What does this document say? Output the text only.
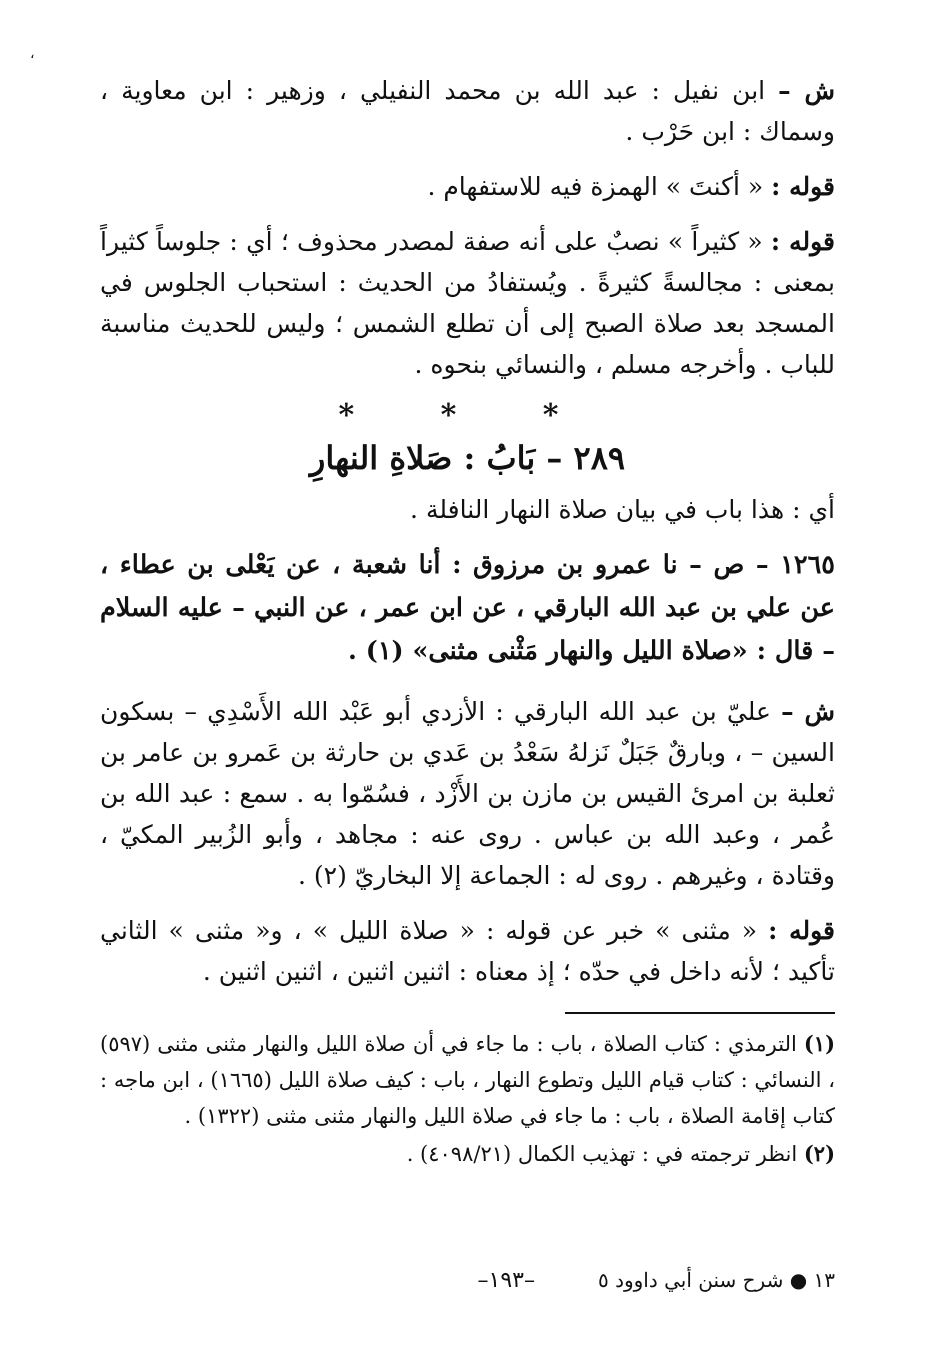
،

ش – ابن نفيل : عبد الله بن محمد النفيلي ، وزهير : ابن معاوية ، وسماك : ابن حَرْب .

قوله : « أكنتَ » الهمزة فيه للاستفهام .

قوله : « كثيراً » نصبٌ على أنه صفة لمصدر محذوف ؛ أي : جلوساً كثيراً بمعنى : مجالسةً كثيرةً . ويُستفادُ من الحديث : استحباب الجلوس في المسجد بعد صلاة الصبح إلى أن تطلع الشمس ؛ وليس للحديث مناسبة للباب . وأخرجه مسلم ، والنسائي بنحوه .

* * *
٢٨٩ – بَابُ : صَلاةِ النهارِ

أي : هذا باب في بيان صلاة النهار النافلة .

١٢٦٥ – ص – نا عمرو بن مرزوق : أنا شعبة ، عن يَعْلى بن عطاء ، عن علي بن عبد الله البارقي ، عن ابن عمر ، عن النبي – عليه السلام – قال : «صلاة الليل والنهار مَثْنى مثنى» (١) .

ش – عليّ بن عبد الله البارقي : الأزدي أبو عَبْد الله الأَسْدِي – بسكون السين – ، وبارقٌ جَبَلٌ نَزلهُ سَعْدُ بن عَدي بن حارثة بن عَمرو بن عامر بن ثعلبة بن امرئ القيس بن مازن بن الأَزْد ، فسُمّوا به . سمع : عبد الله بن عُمر ، وعبد الله بن عباس . روى عنه : مجاهد ، وأبو الزُبير المكيّ ، وقتادة ، وغيرهم . روى له : الجماعة إلا البخاريّ (٢) .

قوله : « مثنى » خبر عن قوله : « صلاة الليل » ، و« مثنى » الثاني تأكيد ؛ لأنه داخل في حدّه ؛ إذ معناه : اثنين اثنين ، اثنين اثنين .

(١) الترمذي : كتاب الصلاة ، باب : ما جاء في أن صلاة الليل والنهار مثنى مثنى (٥٩٧) ، النسائي : كتاب قيام الليل وتطوع النهار ، باب : كيف صلاة الليل (١٦٦٥) ، ابن ماجه : كتاب إقامة الصلاة ، باب : ما جاء في صلاة الليل والنهار مثنى مثنى (١٣٢٢) .

(٢) انظر ترجمته في : تهذيب الكمال (٤٠٩٨/٢١) .

١٣ ● شرح سنن أبي داوود ٥
–١٩٣–
